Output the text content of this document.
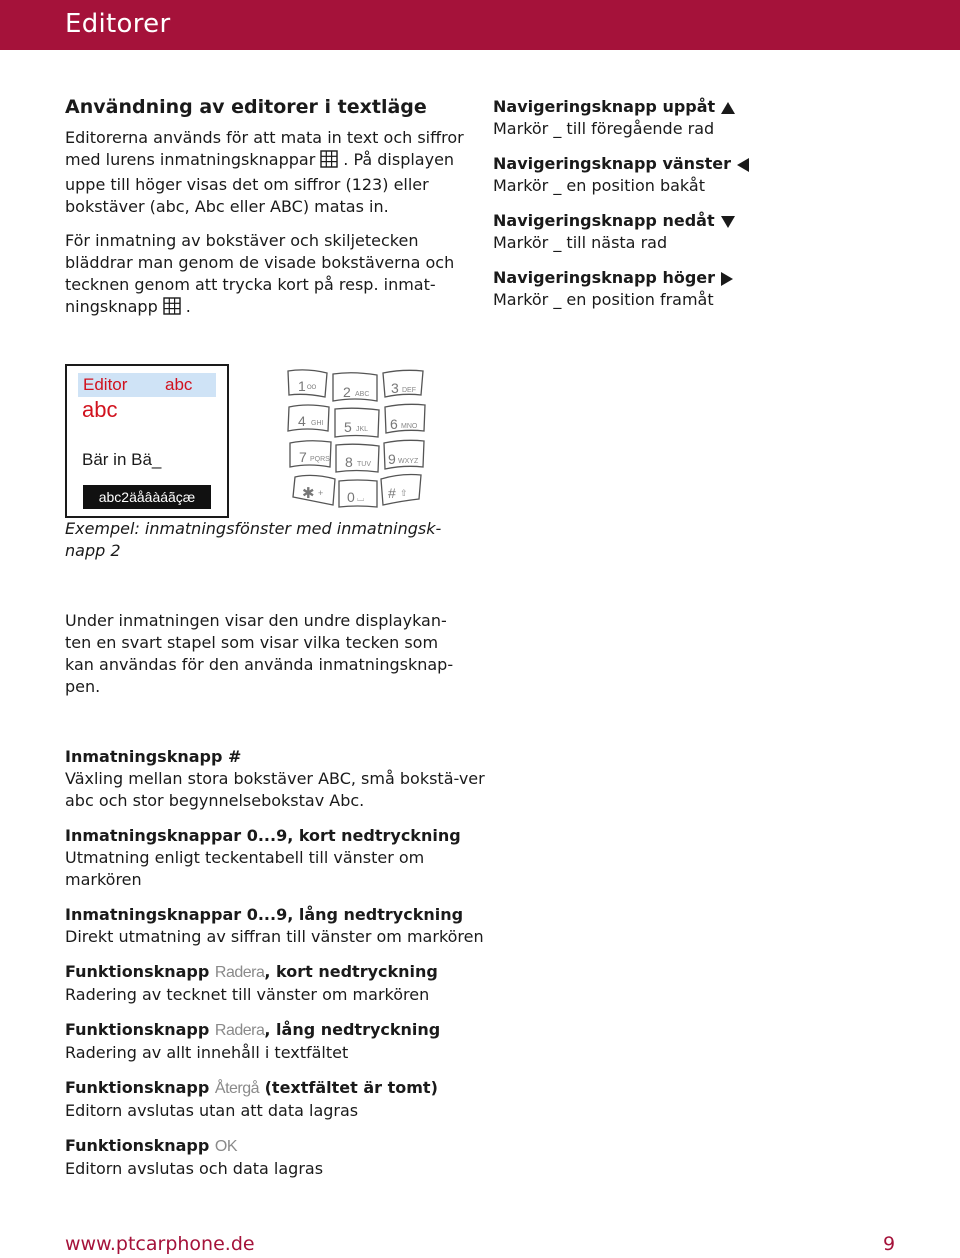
Editorer
Användning av editorer i textläge

Editorerna används för att mata in text och siffror med lurens inmatningsknappar . På displayen uppe till höger visas det om siffror (123) eller bokstäver (abc, Abc eller ABC) matas in.

För inmatning av bokstäver och skiljetecken bläddrar man genom de visade bokstäverna och tecknen genom att trycka kort på resp. inmat-ningsknapp .

Navigeringsknapp uppåt
Markör _ till föregående rad
Navigeringsknapp vänster
Markör _ en position bakåt
Navigeringsknapp nedåt
Markör _ till nästa rad
Navigeringsknapp höger
Markör _ en position framåt
Editor abc
abc
Bär in Bä_
abc2äåâàáãçæ
1 ᴼᴼ 2 ABC 3 DEF
4 GHI 5 JKL 6 MNO
7 PQRS 8 TUV 9 WXYZ
✱ + 0 ⌴ # ⇧
Exempel: inmatningsfönster med inmatningsk-napp 2

Under inmatningen visar den undre displaykan-ten en svart stapel som visar vilka tecken som kan användas för den använda inmatningsknap-pen.

Inmatningsknapp #
Växling mellan stora bokstäver ABC, små bokstä-ver abc och stor begynnelsebokstav Abc.
Inmatningsknappar 0...9, kort nedtryckning
Utmatning enligt teckentabell till vänster om markören
Inmatningsknappar 0...9, lång nedtryckning
Direkt utmatning av siffran till vänster om markören
Funktionsknapp Radera, kort nedtryckning
Radering av tecknet till vänster om markören
Funktionsknapp Radera, lång nedtryckning
Radering av allt innehåll i textfältet
Funktionsknapp Återgå (textfältet är tomt)
Editorn avslutas utan att data lagras
Funktionsknapp OK
Editorn avslutas och data lagras
www.ptcarphone.de	9
